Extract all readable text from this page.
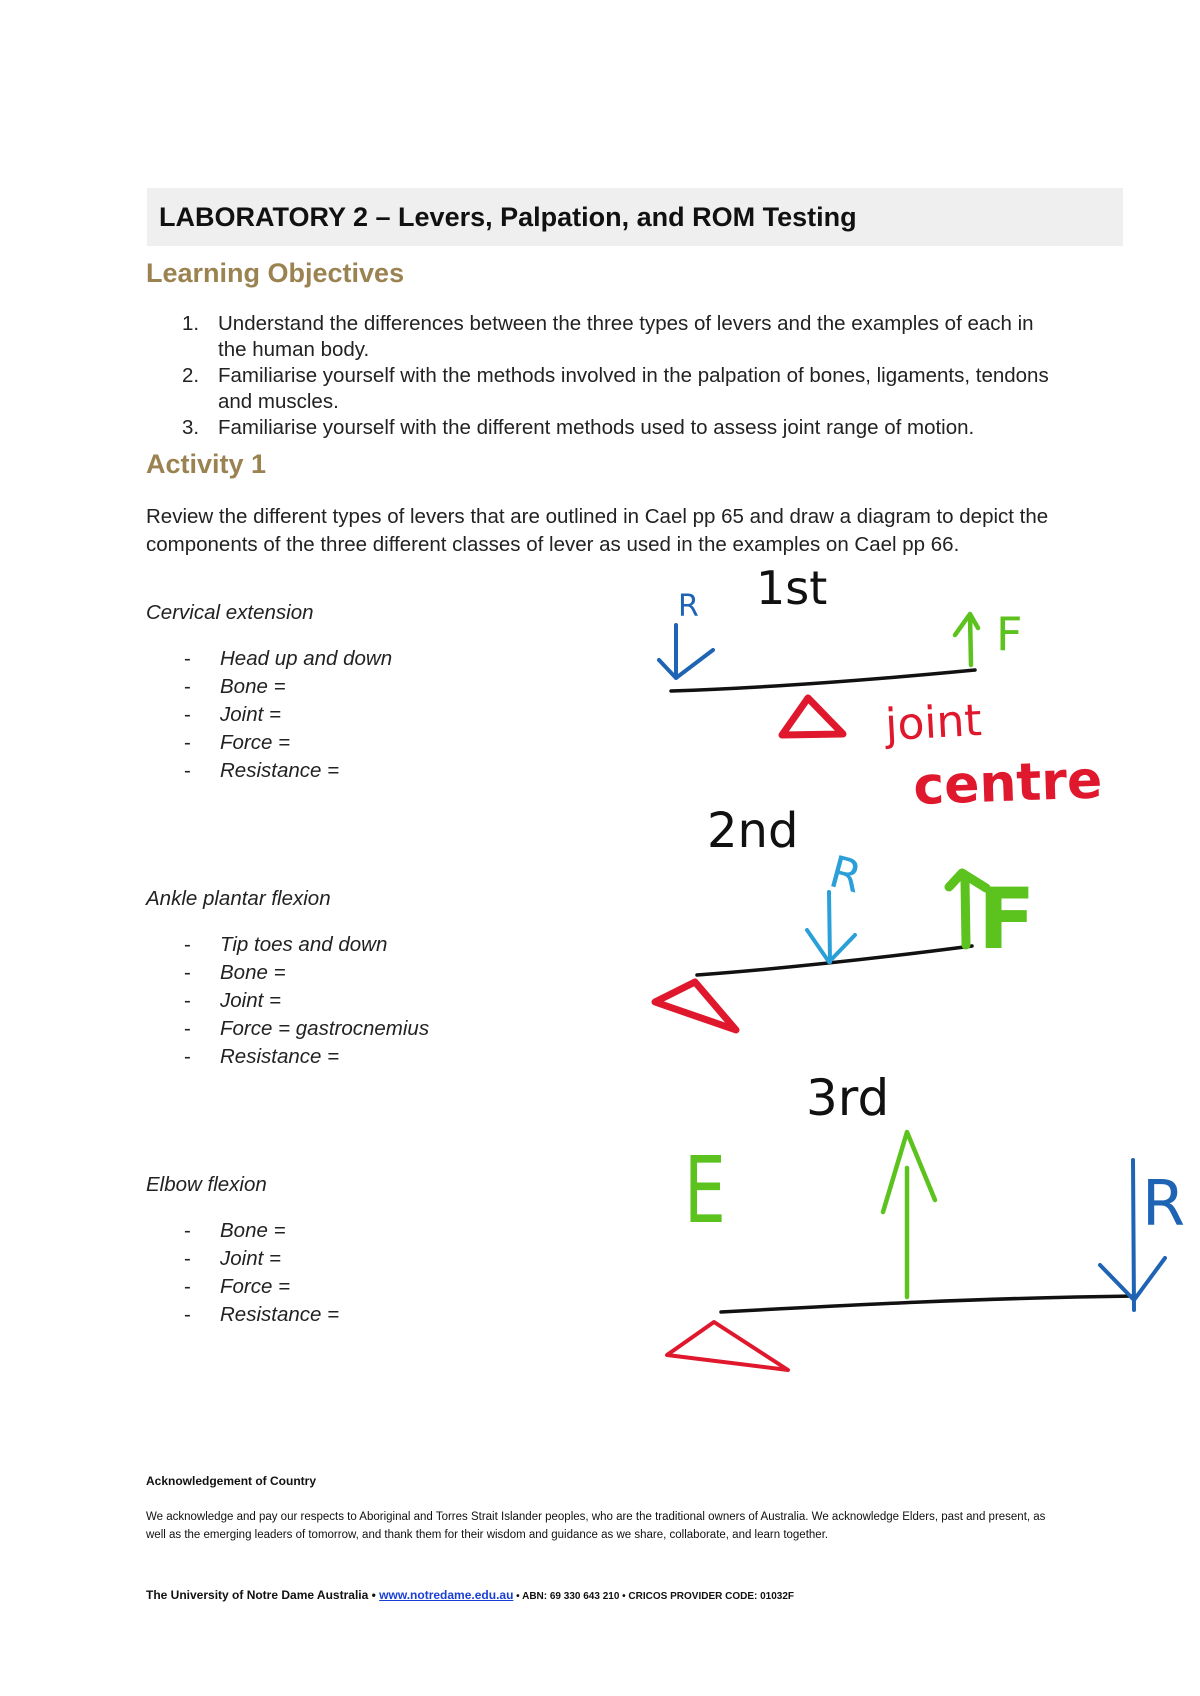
LABORATORY 2 – Levers, Palpation, and ROM Testing
Learning Objectives
1. Understand the differences between the three types of levers and the examples of each in the human body.
2. Familiarise yourself with the methods involved in the palpation of bones, ligaments, tendons and muscles.
3. Familiarise yourself with the different methods used to assess joint range of motion.
Activity 1

Review the different types of levers that are outlined in Cael pp 65 and draw a diagram to depict the components of the three different classes of lever as used in the examples on Cael pp 66.

Cervical extension

- Head up and down
- Bone =
- Joint =
- Force =
- Resistance =

Ankle plantar flexion

- Tip toes and down
- Bone =
- Joint =
- Force = gastrocnemius
- Resistance =

Elbow flexion

- Bone =
- Joint =
- Force =
- Resistance =
R
F
1st
joint
centre
2nd
R F
3rd
E	R

Acknowledgement of Country

We acknowledge and pay our respects to Aboriginal and Torres Strait Islander peoples, who are the traditional owners of Australia. We acknowledge Elders, past and present, as well as the emerging leaders of tomorrow, and thank them for their wisdom and guidance as we share, collaborate, and learn together.

The University of Notre Dame Australia • www.notredame.edu.au • ABN: 69 330 643 210 • CRICOS PROVIDER CODE: 01032F
